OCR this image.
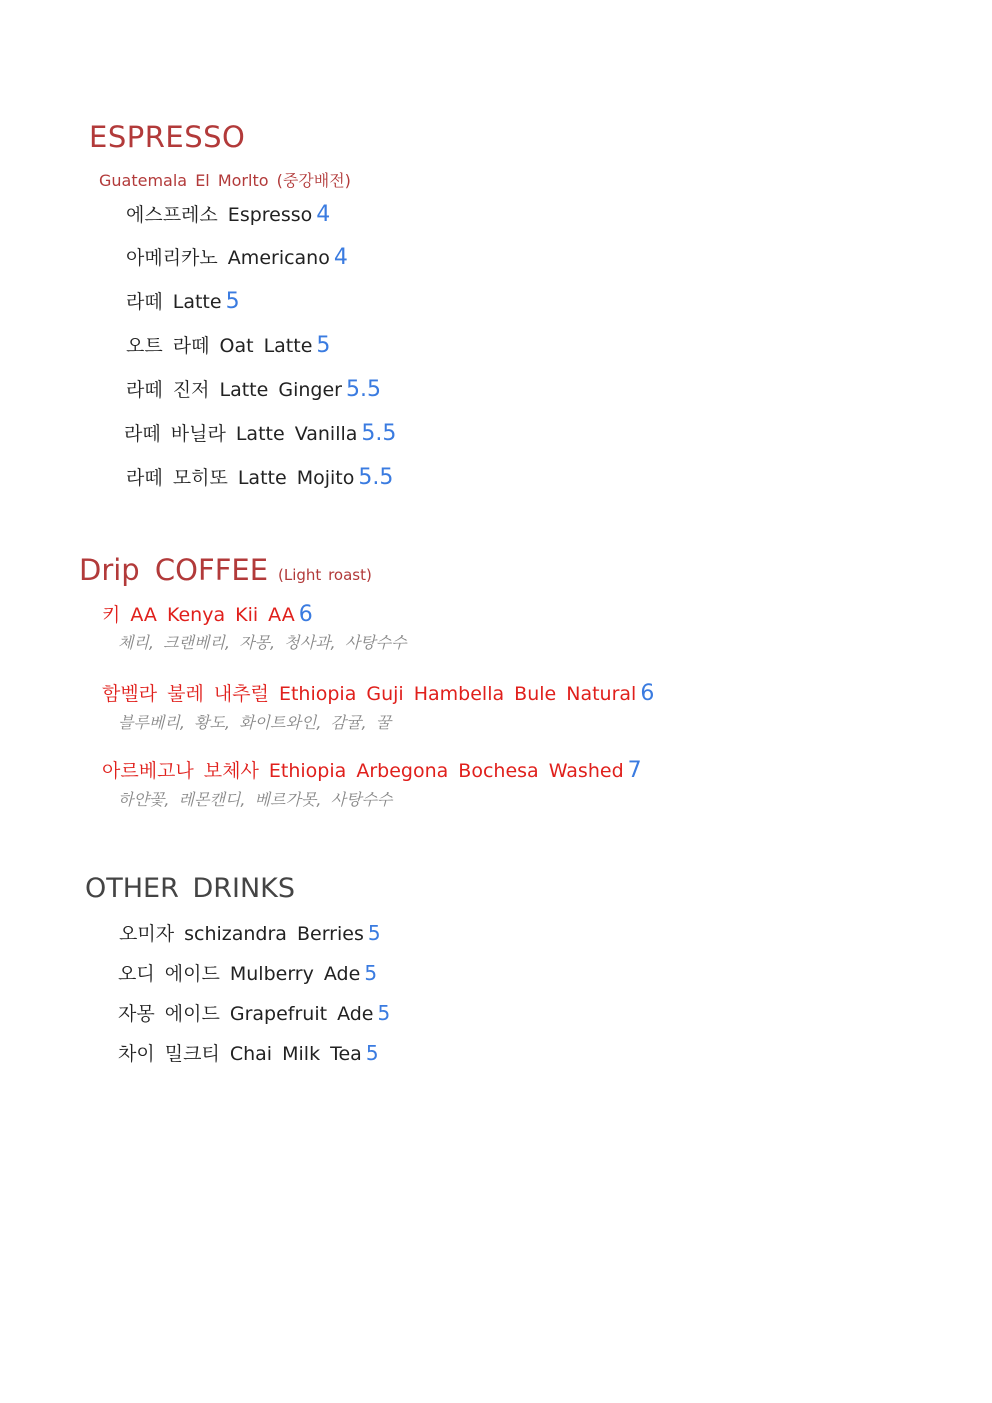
ESPRESSO
Guatemala El Morlto (중강배전)
에스프레소 Espresso 4
아메리카노 Americano 4
라떼 Latte 5
오트 라떼 Oat Latte 5
라떼 진저 Latte Ginger 5.5
라떼 바닐라 Latte Vanilla 5.5
라떼 모히또 Latte Mojito 5.5
Drip COFFEE (Light roast)
키 AA Kenya Kii AA 6
체리, 크랜베리, 자몽, 청사과, 사탕수수
함벨라 불레 내추럴 Ethiopia Guji Hambella Bule Natural 6
블루베리, 황도, 화이트와인, 감귤, 꿀
아르베고나 보체사 Ethiopia Arbegona Bochesa Washed 7
하얀꽃, 레몬캔디, 베르가못, 사탕수수
OTHER DRINKS
오미자 schizandra Berries 5
오디 에이드 Mulberry Ade 5
자몽 에이드 Grapefruit Ade 5
차이 밀크티 Chai Milk Tea 5
